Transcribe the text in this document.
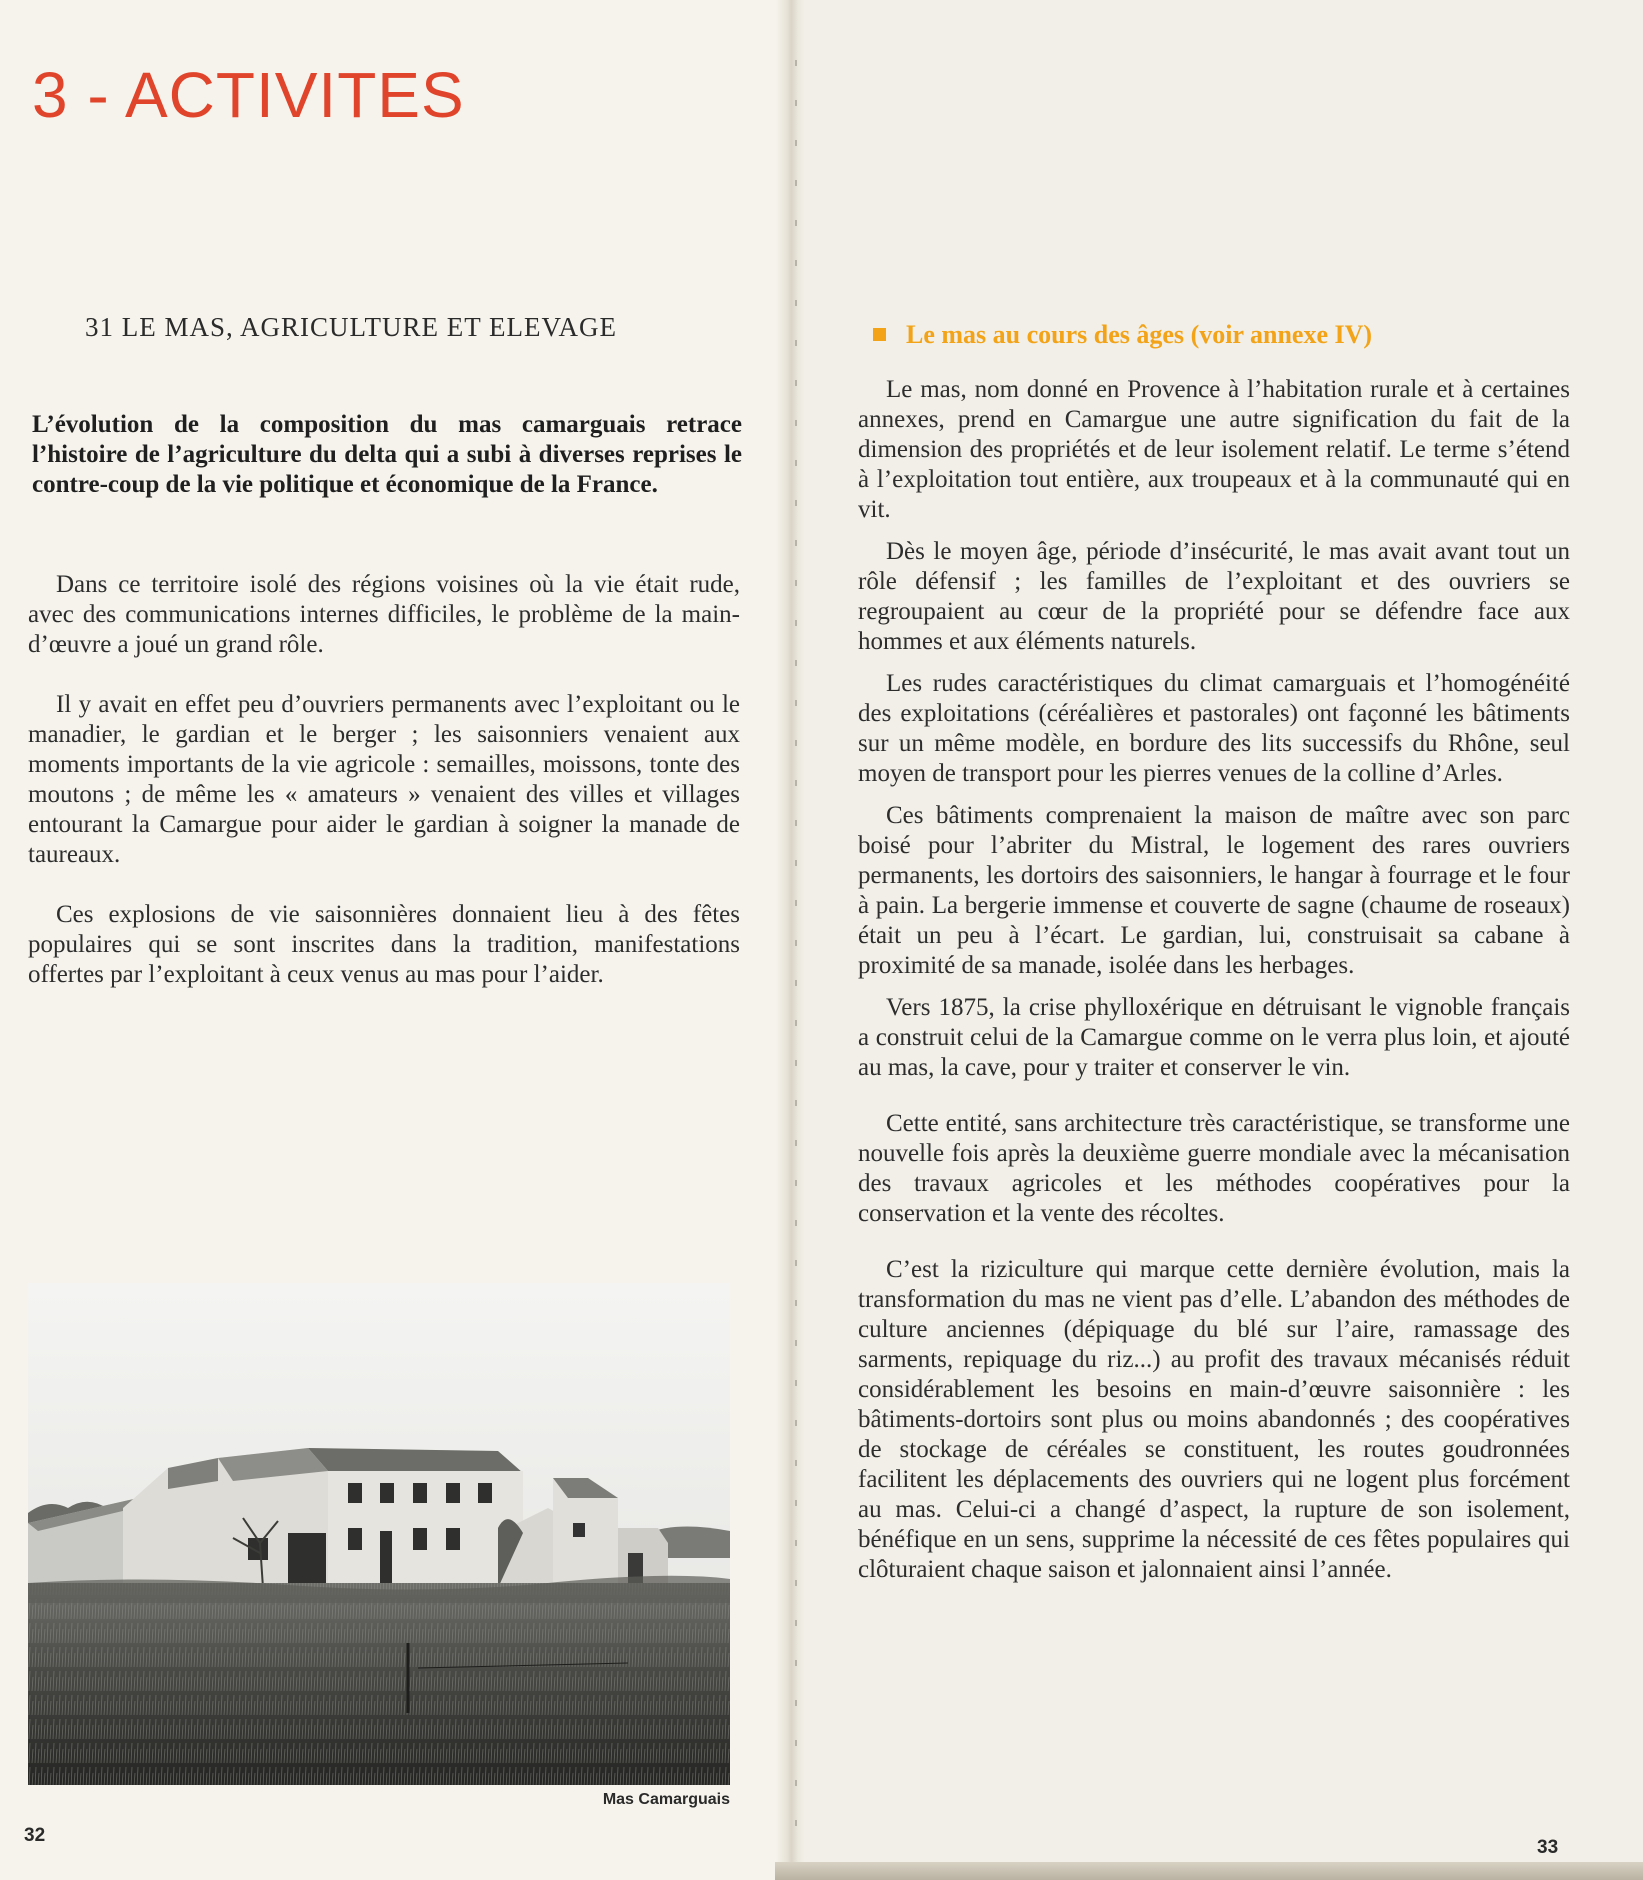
3 - ACTIVITES
31 LE MAS, AGRICULTURE ET ELEVAGE

L’évolution de la composition du mas camarguais retrace l’histoire de l’agriculture du delta qui a subi à diverses reprises le contre-coup de la vie politique et économique de la France.

Dans ce territoire isolé des régions voisines où la vie était rude, avec des communications internes difficiles, le problème de la main-d’œuvre a joué un grand rôle.

Il y avait en effet peu d’ouvriers permanents avec l’exploitant ou le manadier, le gardian et le berger ; les saisonniers venaient aux moments importants de la vie agricole : semailles, moissons, tonte des moutons ; de même les « amateurs » venaient des villes et villages entourant la Camargue pour aider le gardian à soigner la manade de taureaux.

Ces explosions de vie saisonnières donnaient lieu à des fêtes populaires qui se sont inscrites dans la tradition, manifestations offertes par l’exploitant à ceux venus au mas pour l’aider.

Mas Camarguais

32

33

Le mas au cours des âges (voir annexe IV)

Le mas, nom donné en Provence à l’habitation rurale et à certaines annexes, prend en Camargue une autre signification du fait de la dimension des propriétés et de leur isolement relatif. Le terme s’étend à l’exploitation tout entière, aux troupeaux et à la communauté qui en vit.

Dès le moyen âge, période d’insécurité, le mas avait avant tout un rôle défensif ; les familles de l’exploitant et des ouvriers se regroupaient au cœur de la propriété pour se défendre face aux hommes et aux éléments naturels.

Les rudes caractéristiques du climat camarguais et l’homogénéité des exploitations (céréalières et pastorales) ont façonné les bâtiments sur un même modèle, en bordure des lits successifs du Rhône, seul moyen de transport pour les pierres venues de la colline d’Arles.

Ces bâtiments comprenaient la maison de maître avec son parc boisé pour l’abriter du Mistral, le logement des rares ouvriers permanents, les dortoirs des saisonniers, le hangar à fourrage et le four à pain. La bergerie immense et couverte de sagne (chaume de roseaux) était un peu à l’écart. Le gardian, lui, construisait sa cabane à proximité de sa manade, isolée dans les herbages.

Vers 1875, la crise phylloxérique en détruisant le vignoble français a construit celui de la Camargue comme on le verra plus loin, et ajouté au mas, la cave, pour y traiter et conserver le vin.

Cette entité, sans architecture très caractéristique, se transforme une nouvelle fois après la deuxième guerre mondiale avec la mécanisation des travaux agricoles et les méthodes coopératives pour la conservation et la vente des récoltes.

C’est la riziculture qui marque cette dernière évolution, mais la transformation du mas ne vient pas d’elle. L’abandon des méthodes de culture anciennes (dépiquage du blé sur l’aire, ramassage des sarments, repiquage du riz...) au profit des travaux mécanisés réduit considérablement les besoins en main-d’œuvre saisonnière : les bâtiments-dortoirs sont plus ou moins abandonnés ; des coopératives de stockage de céréales se constituent, les routes goudronnées facilitent les déplacements des ouvriers qui ne logent plus forcément au mas. Celui-ci a changé d’aspect, la rupture de son isolement, bénéfique en un sens, supprime la nécessité de ces fêtes populaires qui clôturaient chaque saison et jalonnaient ainsi l’année.
